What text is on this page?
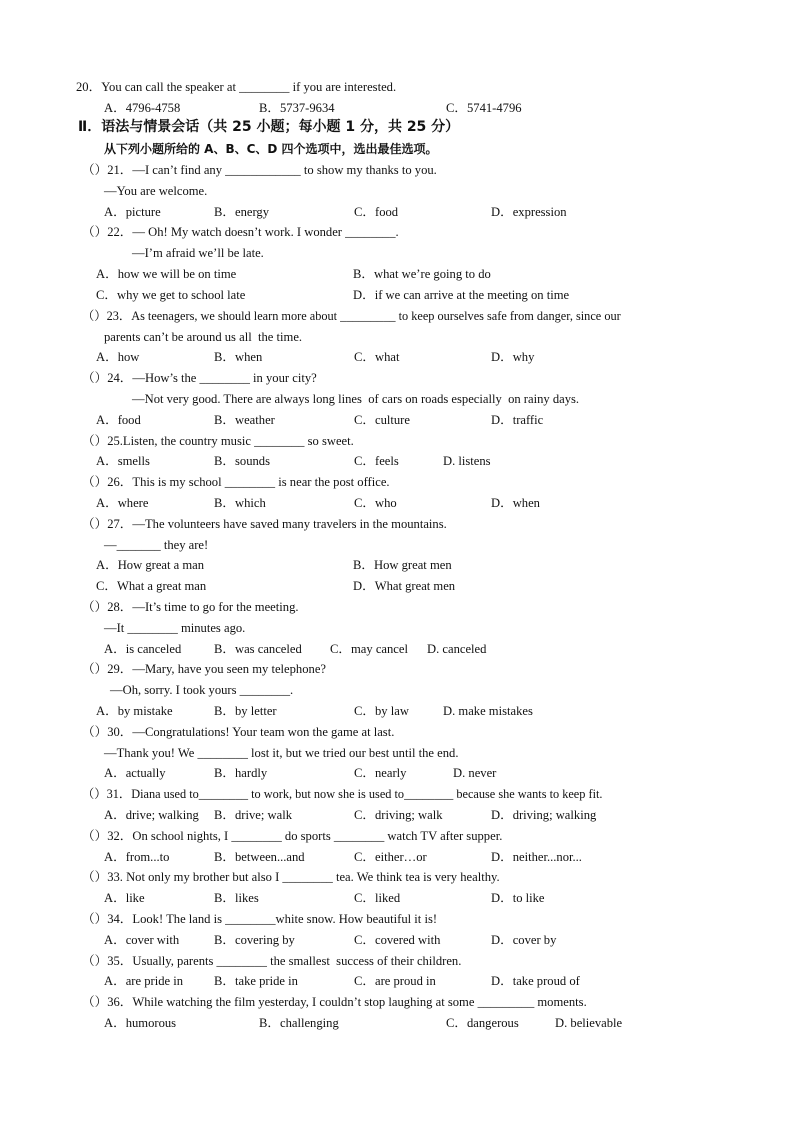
20．You can call the speaker at ________ if you are interested.
A．4796-4758	B．5737-9634	C．5741-4796
Ⅱ．语法与情景会话（共 25 小题；每小题 1 分，共 25 分）
从下列小题所给的 A、B、C、D 四个选项中，选出最佳选项。
（）21．—I can’t find any ____________ to show my thanks to you.
—You are welcome.
A．picture	B．energy	C．food	D．expression
（）22．— Oh! My watch doesn’t work. I wonder ________.
—I’m afraid we’ll be late.
A．how we will be on time	B．what we’re going to do
C．why we get to school late	D．if we can arrive at the meeting on time
（）23．As teenagers, we should learn more about _________ to keep ourselves safe from danger, since our
parents can’t be around us all  the time.
A．how	B．when	C．what	D．why
（）24．—How’s the ________ in your city?
—Not very good. There are always long lines  of cars on roads especially  on rainy days.
A．food	B．weather	C．culture	D．traffic
（）25.Listen, the country music ________ so sweet.
A．smells	B．sounds	C．feels	D. listens
（）26．This is my school ________ is near the post office.
A．where	B．which	C．who	D．when
（）27．—The volunteers have saved many travelers in the mountains.
—_______ they are!
A．How great a man	B．How great men
C．What a great man	D．What great men
（）28．—It’s time to go for the meeting.
—It ________ minutes ago.
A．is canceled	B．was canceled C．may cancel D. canceled
（）29．—Mary, have you seen my telephone?
—Oh, sorry. I took yours ________.
A．by mistake	B．by letter	C．by law	D. make mistakes
（）30．—Congratulations! Your team won the game at last.
—Thank you! We ________ lost it, but we tried our best until the end.
A．actually	B．hardly	C．nearly	D. never
（）31．Diana used to________ to work, but now she is used to________ because she wants to keep fit.
A．drive; walking B．drive; walk	C．driving; walk	D．driving; walking
（）32．On school nights, I ________ do sports ________ watch TV after supper.
A．from...to	B．between...and	C．either…or	D．neither...nor...
（）33. Not only my brother but also I ________ tea. We think tea is very healthy.
A．like	B．likes	C．liked	D．to like
（）34．Look! The land is ________white snow. How beautiful it is!
A．cover with	B．covering by	C．covered with	D．cover by
（）35．Usually, parents ________ the smallest  success of their children.
A．are pride in B．take pride in	C．are proud in	D．take proud of
（）36．While watching the film yesterday, I couldn’t stop laughing at some _________ moments.
A．humorous	B．challenging	C．dangerous	D. believable
